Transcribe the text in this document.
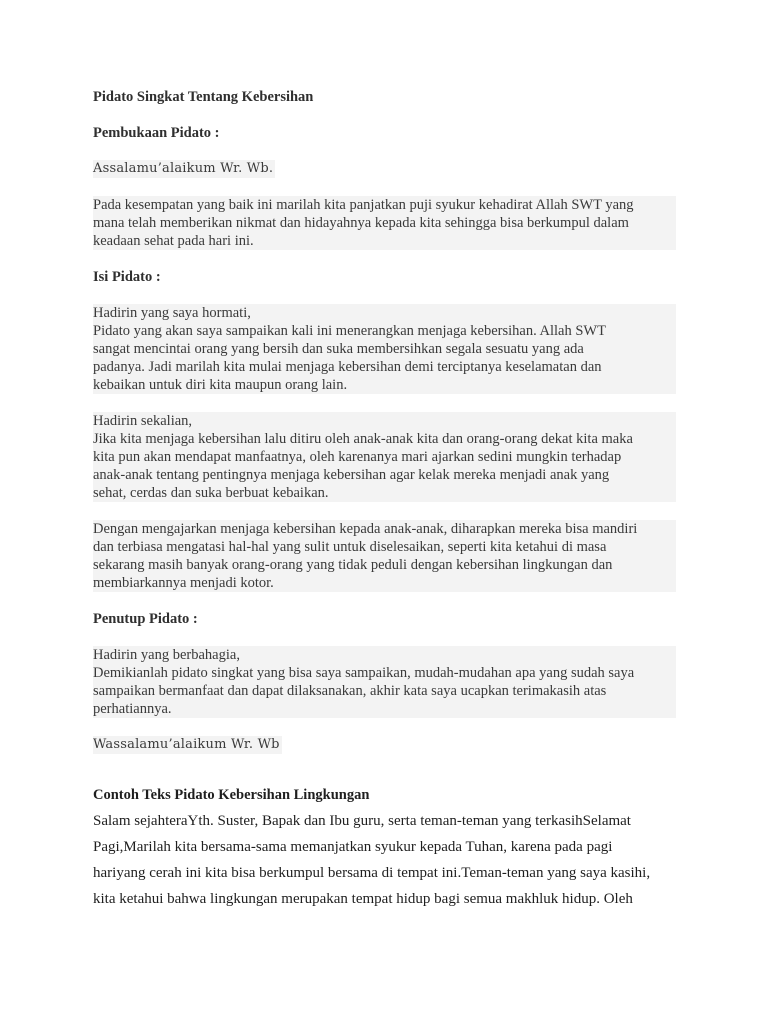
Pidato Singkat Tentang Kebersihan

Pembukaan Pidato :

Assalamu’alaikum Wr. Wb.

Pada kesempatan yang baik ini marilah kita panjatkan puji syukur kehadirat Allah SWT yang
mana telah memberikan nikmat dan hidayahnya kepada kita sehingga bisa berkumpul dalam
keadaan sehat pada hari ini.

Isi Pidato :

Hadirin yang saya hormati,
Pidato yang akan saya sampaikan kali ini menerangkan menjaga kebersihan. Allah SWT
sangat mencintai orang yang bersih dan suka membersihkan segala sesuatu yang ada
padanya. Jadi marilah kita mulai menjaga kebersihan demi terciptanya keselamatan dan
kebaikan untuk diri kita maupun orang lain.

Hadirin sekalian,
Jika kita menjaga kebersihan lalu ditiru oleh anak-anak kita dan orang-orang dekat kita maka
kita pun akan mendapat manfaatnya, oleh karenanya mari ajarkan sedini mungkin terhadap
anak-anak tentang pentingnya menjaga kebersihan agar kelak mereka menjadi anak yang
sehat, cerdas dan suka berbuat kebaikan.

Dengan mengajarkan menjaga kebersihan kepada anak-anak, diharapkan mereka bisa mandiri
dan terbiasa mengatasi hal-hal yang sulit untuk diselesaikan, seperti kita ketahui di masa
sekarang masih banyak orang-orang yang tidak peduli dengan kebersihan lingkungan dan
membiarkannya menjadi kotor.

Penutup Pidato :

Hadirin yang berbahagia,
Demikianlah pidato singkat yang bisa saya sampaikan, mudah-mudahan apa yang sudah saya
sampaikan bermanfaat dan dapat dilaksanakan, akhir kata saya ucapkan terimakasih atas
perhatiannya.

Wassalamu’alaikum Wr. Wb

Contoh Teks Pidato Kebersihan Lingkungan

Salam sejahteraYth. Suster, Bapak dan Ibu guru, serta teman-teman yang terkasihSelamat
Pagi,Marilah kita bersama-sama memanjatkan syukur kepada Tuhan, karena pada pagi
hariyang cerah ini kita bisa berkumpul bersama di tempat ini.Teman-teman yang saya kasihi,
kita ketahui bahwa lingkungan merupakan tempat hidup bagi semua makhluk hidup. Oleh
